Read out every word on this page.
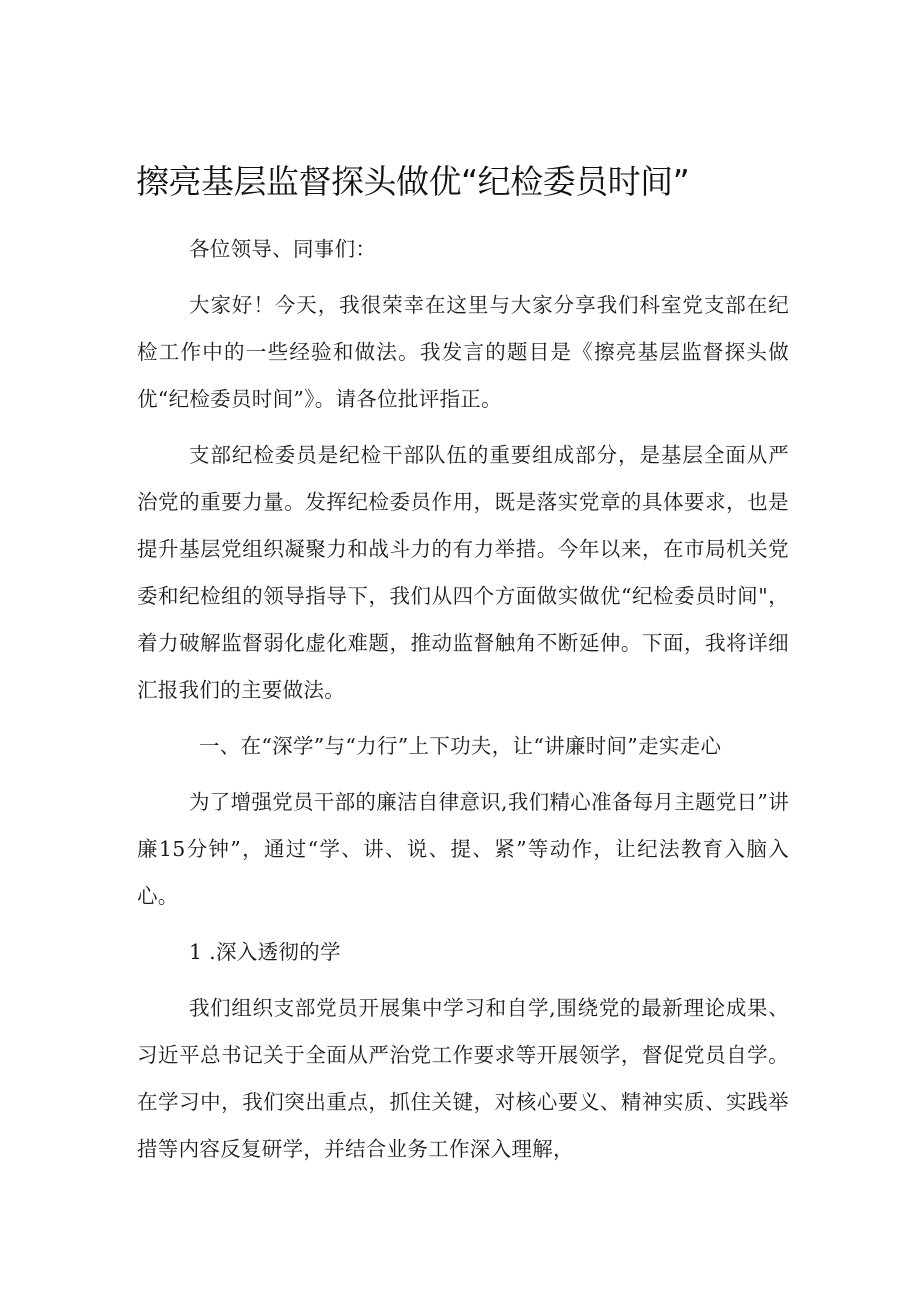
擦亮基层监督探头做优“纪检委员时间”

各位领导、同事们：

大家好！今天，我很荣幸在这里与大家分享我们科室党支部在纪检工作中的一些经验和做法。我发言的题目是《擦亮基层监督探头做优“纪检委员时间”》。请各位批评指正。

支部纪检委员是纪检干部队伍的重要组成部分，是基层全面从严治党的重要力量。发挥纪检委员作用，既是落实党章的具体要求，也是提升基层党组织凝聚力和战斗力的有力举措。今年以来，在市局机关党委和纪检组的领导指导下，我们从四个方面做实做优“纪检委员时间"，着力破解监督弱化虚化难题，推动监督触角不断延伸。下面，我将详细汇报我们的主要做法。

一、在“深学”与“力行”上下功夫，让“讲廉时间”走实走心

为了增强党员干部的廉洁自律意识,我们精心准备每月主题党日”讲廉15分钟”，通过“学、讲、说、提、紧”等动作，让纪法教育入脑入心。

1 .深入透彻的学

我们组织支部党员开展集中学习和自学,围绕党的最新理论成果、习近平总书记关于全面从严治党工作要求等开展领学，督促党员自学。在学习中，我们突出重点，抓住关键，对核心要义、精神实质、实践举措等内容反复研学，并结合业务工作深入理解，
